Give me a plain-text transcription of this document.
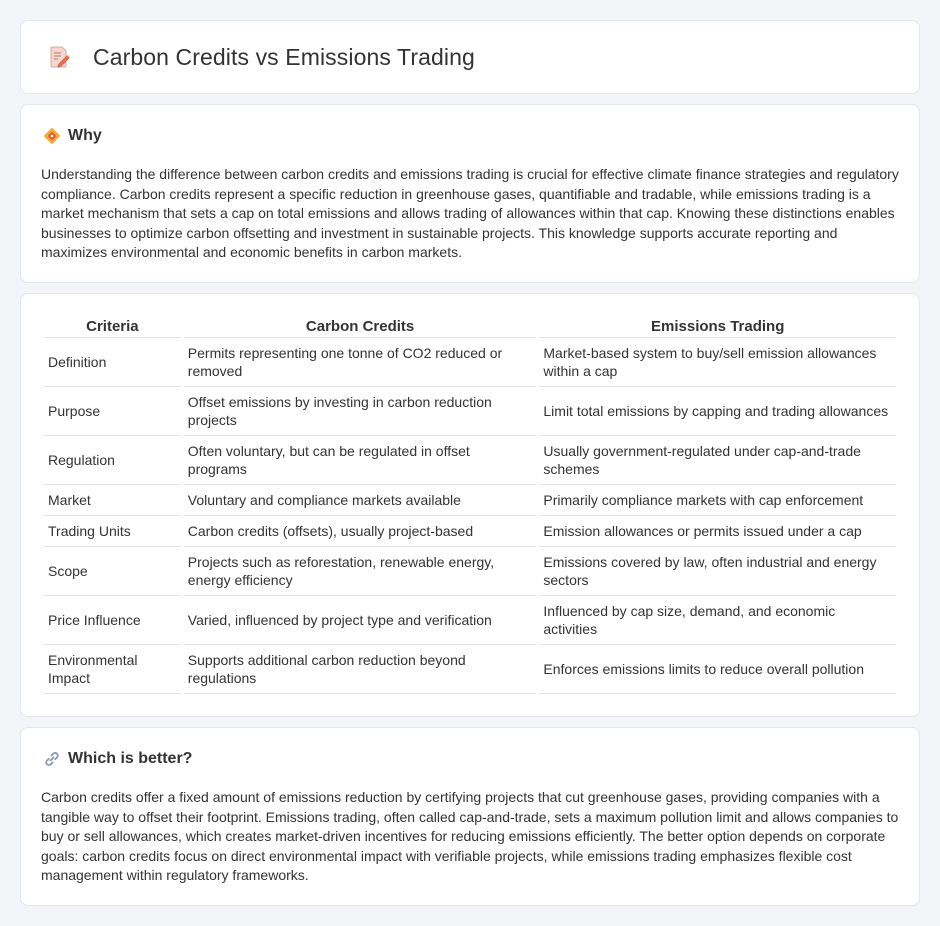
Carbon Credits vs Emissions Trading
Why

Understanding the difference between carbon credits and emissions trading is crucial for effective climate finance strategies and regulatory compliance. Carbon credits represent a specific reduction in greenhouse gases, quantifiable and tradable, while emissions trading is a market mechanism that sets a cap on total emissions and allows trading of allowances within that cap. Knowing these distinctions enables businesses to optimize carbon offsetting and investment in sustainable projects. This knowledge supports accurate reporting and maximizes environmental and economic benefits in carbon markets.

Criteria	Carbon Credits	Emissions Trading
Definition	Permits representing one tonne of CO2 reduced or removed	Market-based system to buy/sell emission allowances within a cap
Purpose	Offset emissions by investing in carbon reduction projects	Limit total emissions by capping and trading allowances
Regulation	Often voluntary, but can be regulated in offset programs	Usually government-regulated under cap-and-trade schemes
Market	Voluntary and compliance markets available	Primarily compliance markets with cap enforcement
Trading Units	Carbon credits (offsets), usually project-based	Emission allowances or permits issued under a cap
Scope	Projects such as reforestation, renewable energy, energy efficiency	Emissions covered by law, often industrial and energy sectors
Price Influence	Varied, influenced by project type and verification	Influenced by cap size, demand, and economic activities
Environmental Impact	Supports additional carbon reduction beyond regulations	Enforces emissions limits to reduce overall pollution
Which is better?

Carbon credits offer a fixed amount of emissions reduction by certifying projects that cut greenhouse gases, providing companies with a tangible way to offset their footprint. Emissions trading, often called cap-and-trade, sets a maximum pollution limit and allows companies to buy or sell allowances, which creates market-driven incentives for reducing emissions efficiently. The better option depends on corporate goals: carbon credits focus on direct environmental impact with verifiable projects, while emissions trading emphasizes flexible cost management within regulatory frameworks.
